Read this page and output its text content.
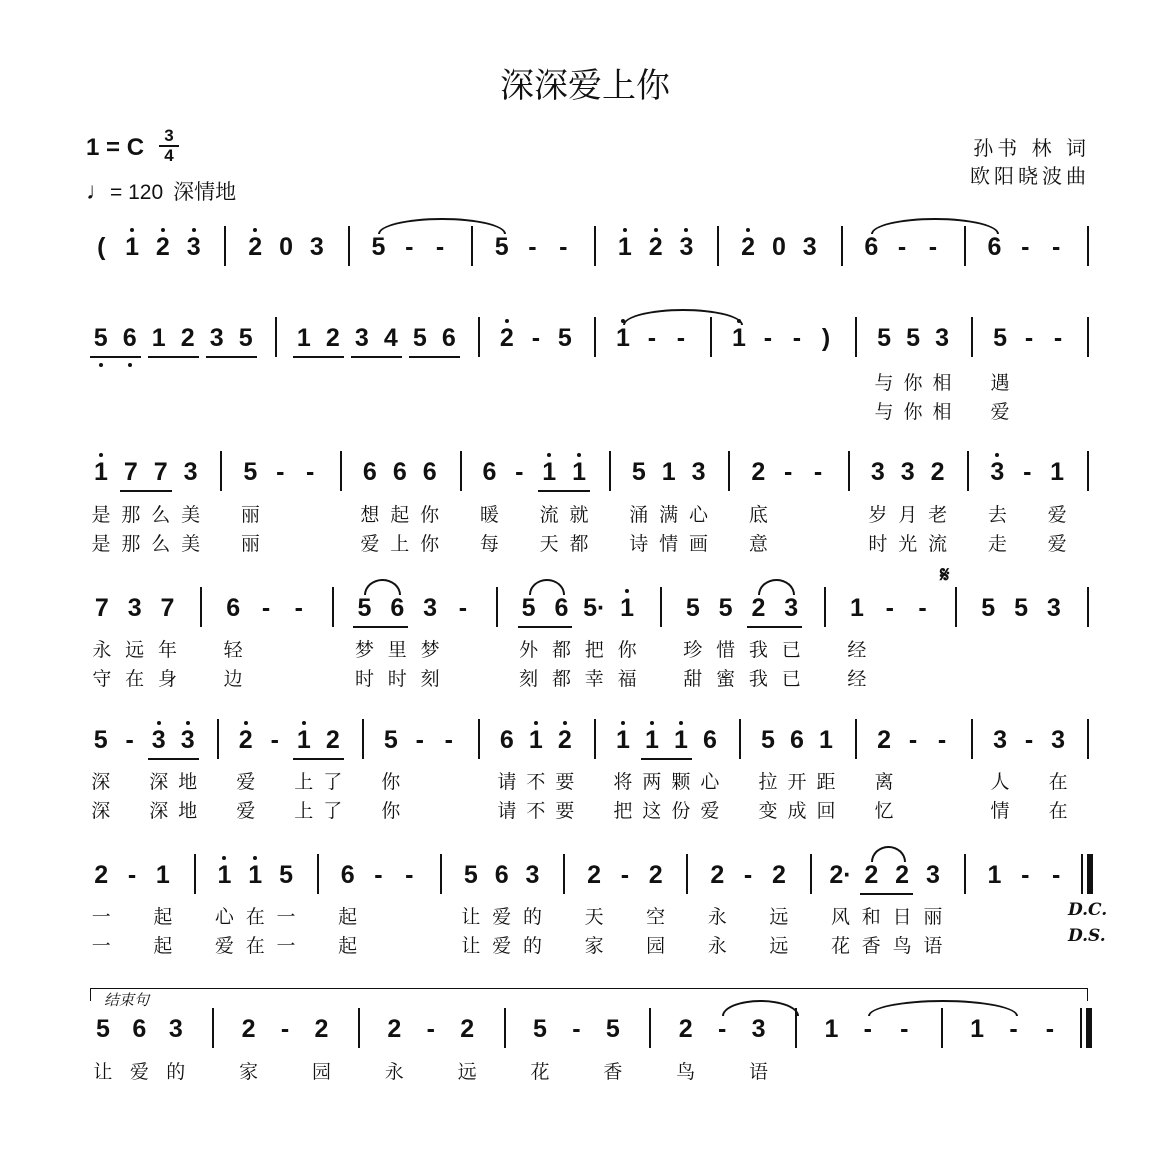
深深爱上你
1 = C	3
4
♩= 120 深情地
孙书 林 词
欧阳晓波曲
( 1 2 3 2 0 3 5 - -	5 - -	1 2 3 2 0 3 6 - -	6 - -
5 6 1 2 3 5 1 2 3 4 5 6 2 - 5 1 - -	1 - - )	5 5 3 5 - -
与 你 相 遇
与 你 相 爱
1 7 7 3 5 - -	6 6 6 6 - 1 1 5 1 3 2 - -	3 3 2 3 - 1
是 那 么 美 丽	想 起 你 暖 流 就 涌 满 心 底	岁 月 老 去 爱
是 那 么 美 丽	爱 上 你 每 天 都 诗 情 画 意	时 光 流 走 爱
7 3 7 6 - -	5 6 3 -	5 6 5· 1 5 5 2 3 1 - -	5 5 3
永 远 年 轻	梦 里 梦	外 都 把 你 珍 惜 我 已 经
守 在 身 边	时 时 刻	刻 都 幸 福 甜 蜜 我 已 经
5 - 3 3 2 - 1 2 5 - -	6 1 2 1 1 1 6 5 6 1 2 - -	3 - 3
深 深 地 爱 上 了 你	请 不 要 将 两 颗 心 拉 开 距 离	人 在
深 深 地 爱 上 了 你	请 不 要 把 这 份 爱 变 成 回 忆	情 在
2 - 1 1 1 5 6 - -	5 6 3 2 - 2 2 - 2 2· 2 2 3 1 - -
一 起 心 在 一 起	让 爱 的 天 空 永 远 风 和 日 丽
一 起 爱 在 一 起	让 爱 的 家 园 永 远 花 香 鸟 语
5 6 3 2	-	2 2	-	2 5	-	5 2	-	3 1	-	-	1	-	-
让 爱 的	家	园	永	远	花	香	鸟	语
结束句
D.C.
D.S.
𝄋
